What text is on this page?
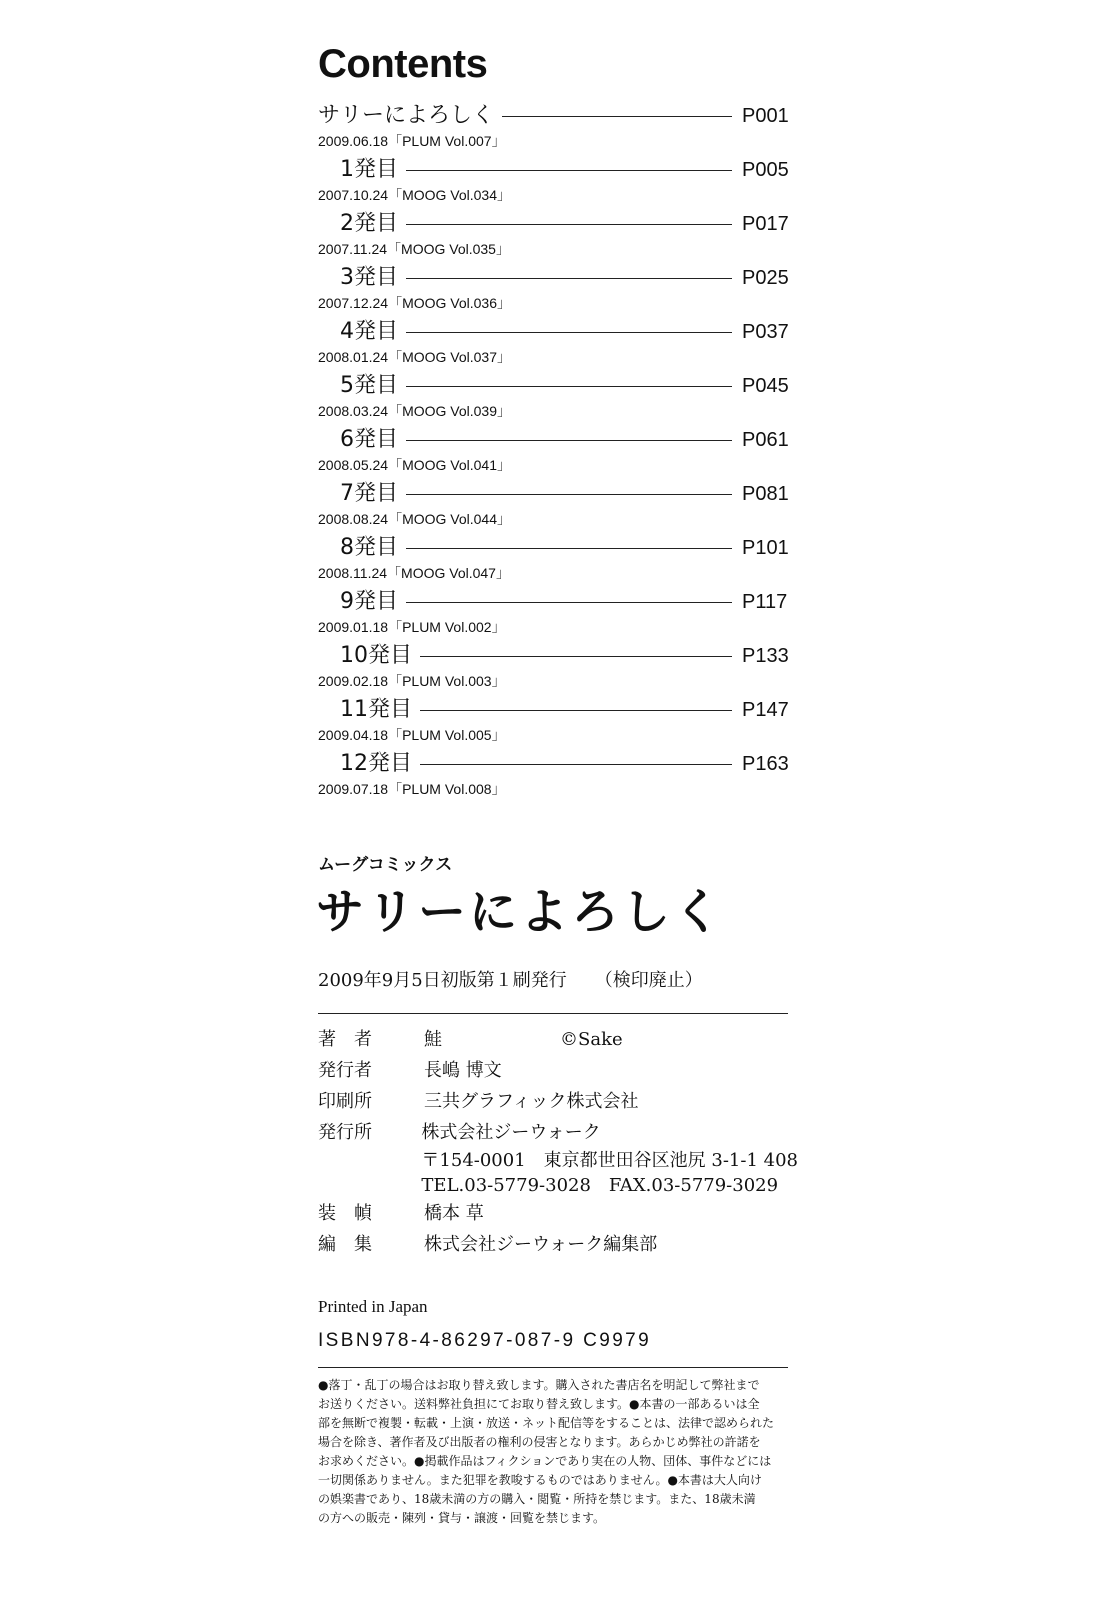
Contents
サリーによろしく	P001
2009.06.18「PLUM Vol.007」
1発目	P005
2007.10.24「MOOG Vol.034」
2発目	P017
2007.11.24「MOOG Vol.035」
3発目	P025
2007.12.24「MOOG Vol.036」
4発目	P037
2008.01.24「MOOG Vol.037」
5発目	P045
2008.03.24「MOOG Vol.039」
6発目	P061
2008.05.24「MOOG Vol.041」
7発目	P081
2008.08.24「MOOG Vol.044」
8発目	P101
2008.11.24「MOOG Vol.047」
9発目	P117
2009.01.18「PLUM Vol.002」
10発目	P133
2009.02.18「PLUM Vol.003」
11発目	P147
2009.04.18「PLUM Vol.005」
12発目	P163
2009.07.18「PLUM Vol.008」
ムーグコミックス
サリーによろしく
2009年9月5日初版第１刷発行 （検印廃止）
著　者	鮭	©Sake
発行者	長嶋 博文
印刷所	三共グラフィック株式会社
発行所	株式会社ジーウォーク
〒154-0001　東京都世田谷区池尻 3-1-1 408
TEL.03-5779-3028　FAX.03-5779-3029
装　幀	橋本 草
編　集	株式会社ジーウォーク編集部
Printed in Japan
ISBN978-4-86297-087-9 C9979
●落丁・乱丁の場合はお取り替え致します。購入された書店名を明記して弊社まで
お送りください。送料弊社負担にてお取り替え致します。●本書の一部あるいは全
部を無断で複製・転載・上演・放送・ネット配信等をすることは、法律で認められた
場合を除き、著作者及び出版者の権利の侵害となります。あらかじめ弊社の許諾を
お求めください。●掲載作品はフィクションであり実在の人物、団体、事件などには
一切関係ありません。また犯罪を教唆するものではありません。●本書は大人向け
の娯楽書であり、18歳未満の方の購入・閲覧・所持を禁じます。また、18歳未満
の方への販売・陳列・貸与・譲渡・回覧を禁じます。
